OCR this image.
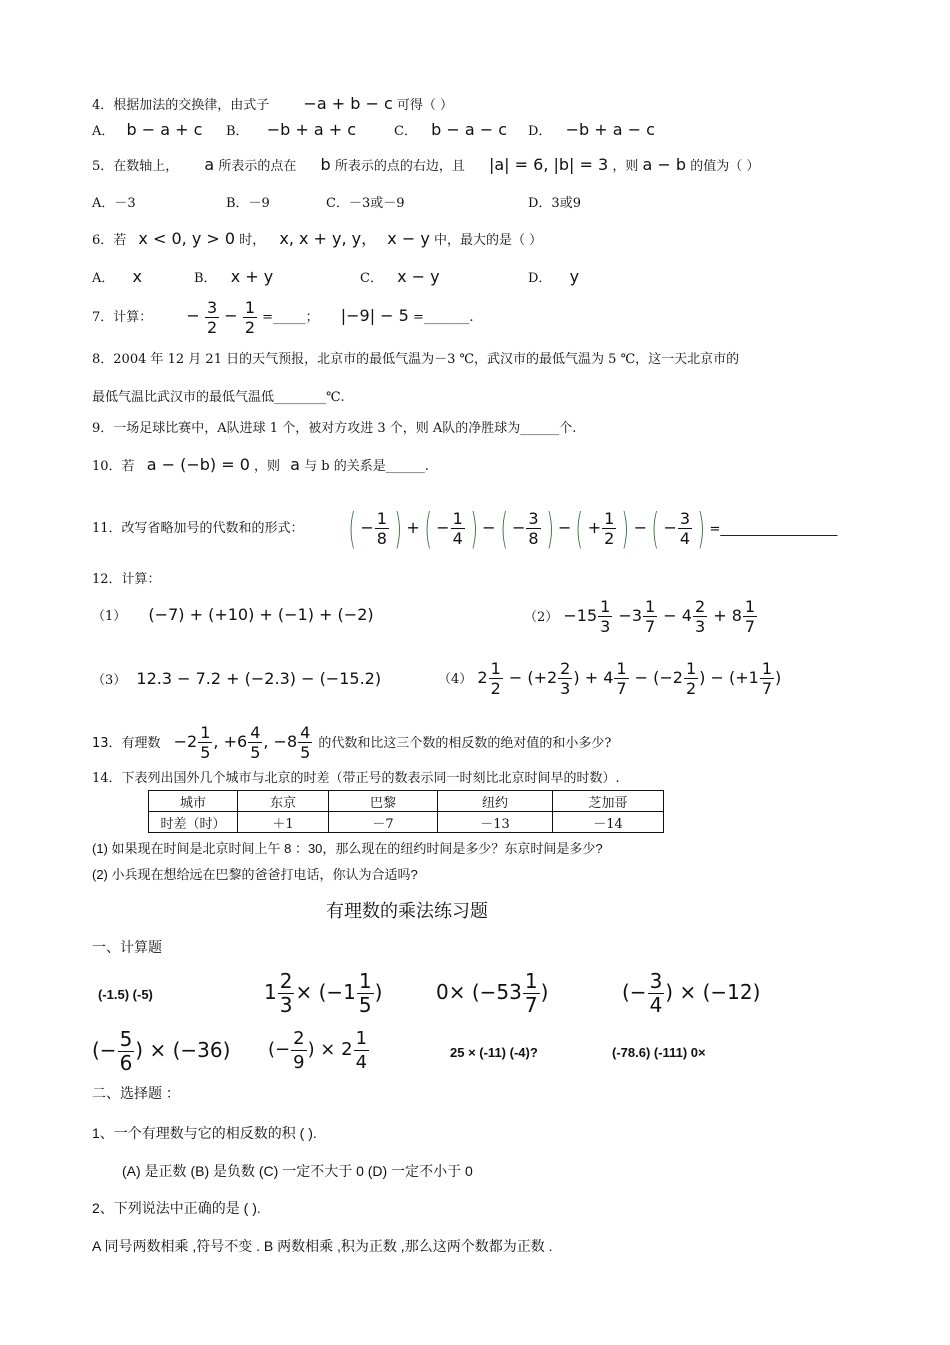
4．根据加法的交换律，由式子 −a + b − c 可得（ ）
A． b − a + c B． −b + a + c	C． b − a − c D． −b + a − c
5．在数轴上， a 所表示的点在 b 所表示的点的右边，且 |a| = 6, |b| = 3 ，则 a − b 的值为（ ）
A．－3	B．－9	C．－3或－9	D．3或9
6．若 x < 0, y > 0 时， x, x + y, y， x − y 中，最大的是（ ）
A． x	B． x + y	C． x − y	D． y
7．计算： − $\frac{3}{2} - \frac{1}{2}$ =_____； |−9| − 5 =_______.
8．2004 年 12 月 21 日的天气预报，北京市的最低气温为－3 ℃，武汉市的最低气温为 5 ℃，这一天北京市的
最低气温比武汉市的最低气温低________℃.
9．一场足球比赛中，A队进球 1 个，被对方攻进 3 个，则 A队的净胜球为______个.
10．若 a − (−b) = 0 ，则 a 与 b 的关系是______.
11．改写省略加号的代数和的形式： ( − $\frac{1}{8}$ ) + ( − $\frac{1}{4}$ ) − ( − $\frac{3}{8}$ ) − ( + $\frac{1}{2}$ ) − ( − $\frac{3}{4}$ ) =__________________
12．计算：
（1） (−7) + (+10) + (−1) + (−2)	$(2) -15 \frac{1}{3} -3 \frac{1}{7} - 4 \frac{2}{3} + 8 \frac{1}{7}$
（3） 12.3 − 7.2 + (−2.3) − (−15.2)	（4） $2 \frac{1}{2} - (+2 \frac{2}{3}$ ) + $4 \frac{1}{7} - (-2 \frac{1}{2}$ ) − ($+1 \frac{1}{7}$ )
13．有理数 $-2 \frac{1}{5}$ , $+6 \frac{4}{5}$ , $-8 \frac{4}{5}$ 的代数和比这三个数的相反数的绝对值的和小多少?
14．下表列出国外几个城市与北京的时差（带正号的数表示同一时刻比北京时间早的时数）.
城市	东京	巴黎	纽约	芝加哥
时差（时）	＋1	－7	－13	－14
(1) 如果现在时间是北京时间上午 8 ：30，那么现在的纽约时间是多少？东京时间是多少?
(2) 小兵现在想给远在巴黎的爸爸打电话，你认为合适吗?
有理数的乘法练习题
一、计算题
(-1.5) (-5)	$1 \frac{2}{3} \times (-1 \frac{1}{5}$ )	$0\times (-53 \frac{1}{7}$ )	(− $\frac{3}{4}$ ) × (−12)
(− $\frac{5}{6}$ ) × (−36) (− $\frac{2}{9}$ ) × $2 \frac{1}{4}$	25 × (-11) (-4)?	(-78.6) (-111) 0×
二、选择题 ：
1、一个有理数与它的相反数的积 ( ).
(A) 是正数 (B) 是负数 (C) 一定不大于 0 (D) 一定不小于 0
2、下列说法中正确的是 ( ).
A 同号两数相乘 ,符号不变 . B 两数相乘 ,积为正数 ,那么这两个数都为正数 .
